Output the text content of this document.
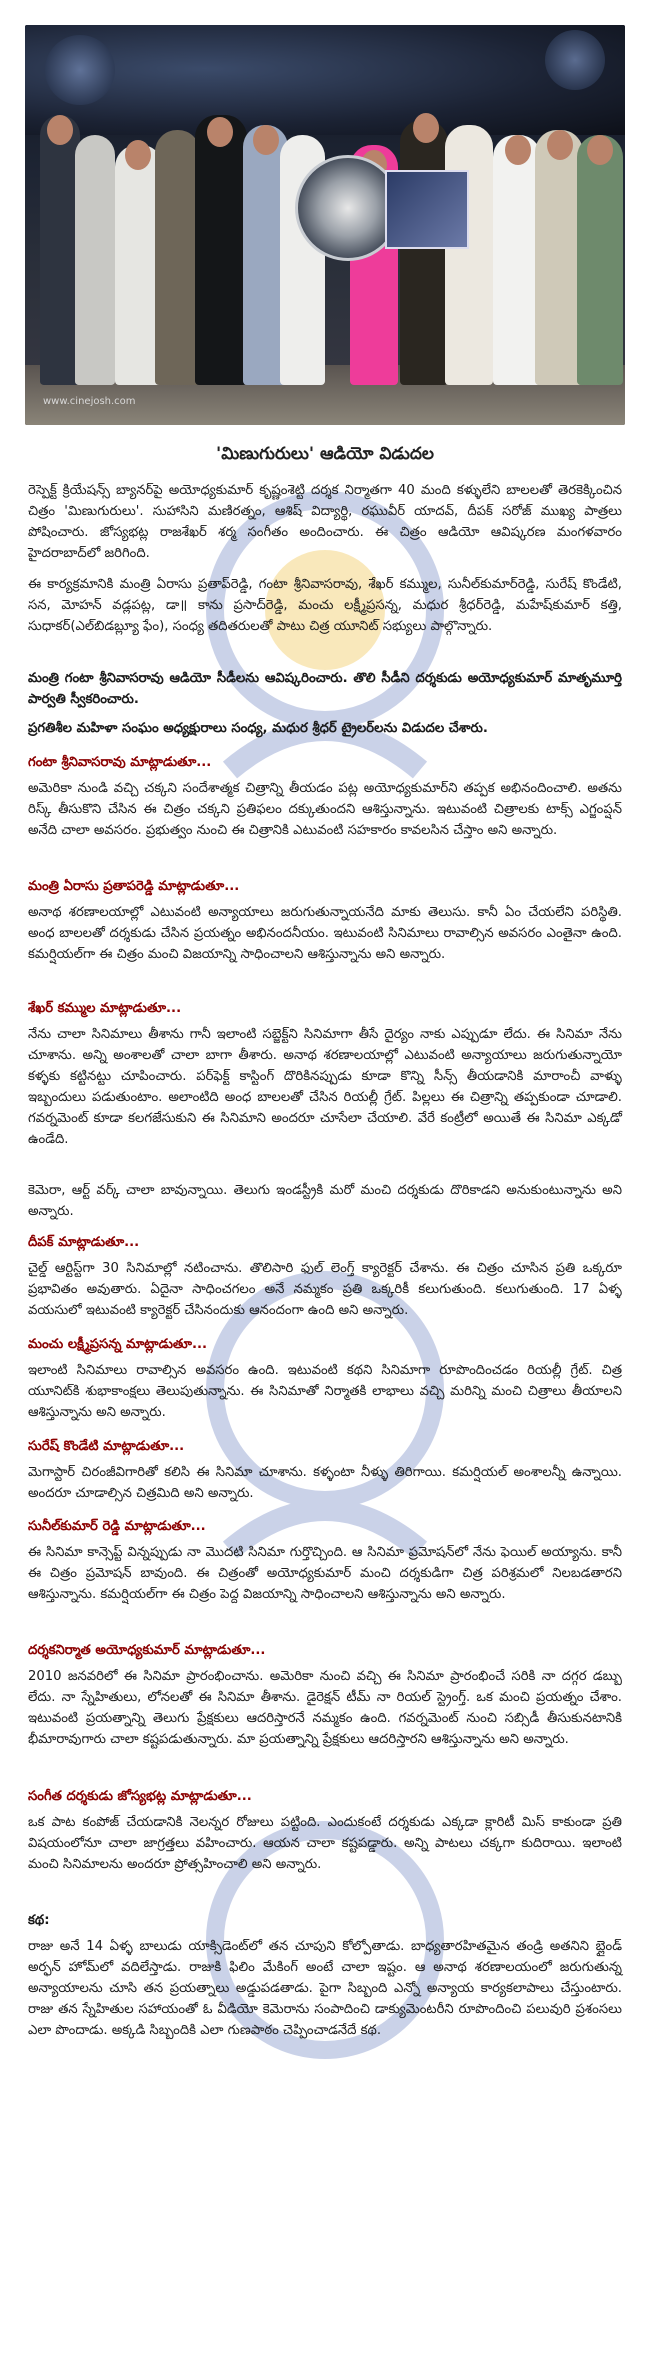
www.cinejosh.com
'మిణుగురులు' ఆడియో విడుదల
రెస్పెక్ట్ క్రియేషన్స్ బ్యానర్‌పై అయోధ్యకుమార్ కృష్ణంశెట్టి దర్శక నిర్మాతగా 40 మంది కళ్ళులేని బాలలతో తెరకెక్కించిన చిత్రం 'మిణుగురులు'. సుహాసిని మణిరత్నం, ఆశిష్ విద్యార్థి, రఘువీర్ యాదవ్, దీపక్ సరోజ్ ముఖ్య పాత్రలు పోషించారు. జోస్యభట్ల రాజశేఖర్ శర్మ సంగీతం అందించారు. ఈ చిత్రం ఆడియో ఆవిష్కరణ మంగళవారం హైదరాబాద్‌లో జరిగింది.
ఈ కార్యక్రమానికి మంత్రి ఏరాసు ప్రతాప్‌రెడ్డి, గంటా శ్రీనివాసరావు, శేఖర్ కమ్ముల, సునీల్‌కుమార్‌రెడ్డి, సురేష్ కొండేటి, సన, మోహన్ వడ్లపట్ల, డా॥ కాను ప్రసాద్‌రెడ్డి, మంచు లక్ష్మీప్రసన్న, మధుర శ్రీధర్‌రెడ్డి, మహేష్‌కుమార్ కత్తి, సుధాకర్(ఎల్‌బిడబ్ల్యూ ఫేం), సంధ్య తదితరులతో పాటు చిత్ర యూనిట్ సభ్యులు పాల్గొన్నారు.
మంత్రి గంటా శ్రీనివాసరావు ఆడియో సీడీలను ఆవిష్కరించారు. తొలి సీడీని దర్శకుడు అయోధ్యకుమార్ మాతృమూర్తి పార్వతి స్వీకరించారు.
ప్రగతిశీల మహిళా సంఘం అధ్యక్షురాలు సంధ్య, మధుర శ్రీధర్ ట్రైలర్‌లను విడుదల చేశారు.
గంటా శ్రీనివాసరావు మాట్లాడుతూ...
అమెరికా నుండి వచ్చి చక్కని సందేశాత్మక చిత్రాన్ని తీయడం పట్ల అయోధ్యకుమార్‌ని తప్పక అభినందించాలి. అతను రిస్క్ తీసుకొని చేసిన ఈ చిత్రం చక్కని ప్రతిఫలం దక్కుతుందని ఆశిస్తున్నాను. ఇటువంటి చిత్రాలకు టాక్స్ ఎగ్జంప్షన్ అనేది చాలా అవసరం. ప్రభుత్వం నుంచి ఈ చిత్రానికి ఎటువంటి సహకారం కావలసిన చేస్తాం అని అన్నారు.
మంత్రి ఏరాసు ప్రతాపరెడ్డి మాట్లాడుతూ...
అనాథ శరణాలయాల్లో ఎటువంటి అన్యాయాలు జరుగుతున్నాయనేది మాకు తెలుసు. కానీ ఏం చేయలేని పరిస్థితి. అంధ బాలలతో దర్శకుడు చేసిన ప్రయత్నం అభినందనీయం. ఇటువంటి సినిమాలు రావాల్సిన అవసరం ఎంతైనా ఉంది. కమర్షియల్‌గా ఈ చిత్రం మంచి విజయాన్ని సాధించాలని ఆశిస్తున్నాను అని అన్నారు.
శేఖర్ కమ్ముల మాట్లాడుతూ...
నేను చాలా సినిమాలు తీశాను గానీ ఇలాంటి సబ్జెక్ట్‌ని సినిమాగా తీసే దైర్యం నాకు ఎప్పుడూ లేదు. ఈ సినిమా నేను చూశాను. అన్ని అంశాలతో చాలా బాగా తీశారు. అనాథ శరణాలయాల్లో ఎటువంటి అన్యాయాలు జరుగుతున్నాయో కళ్ళకు కట్టినట్టు చూపించారు. పర్‌ఫెక్ట్ కాస్టింగ్ దొరికినప్పుడు కూడా కొన్ని సీన్స్ తీయడానికి మారాంచీ వాళ్ళు ఇబ్బందులు పడుతుంటాం. అలాంటిది అంధ బాలలతో చేసిన రియల్లీ గ్రేట్. పిల్లలు ఈ చిత్రాన్ని తప్పకుండా చూడాలి. గవర్నమెంట్ కూడా కలగజేసుకుని ఈ సినిమాని అందరూ చూసేలా చేయాలి. వేరే కంట్రీలో అయితే ఈ సినిమా ఎక్కడో ఉండేది.
కెమెరా, ఆర్ట్ వర్క్ చాలా బావున్నాయి. తెలుగు ఇండస్ట్రీకి మరో మంచి దర్శకుడు దొరికాడని అనుకుంటున్నాను అని అన్నారు.
దీపక్ మాట్లాడుతూ...
చైల్డ్ ఆర్టిస్ట్‌గా 30 సినిమాల్లో నటించాను. తొలిసారి ఫుల్ లెంగ్త్ క్యారెక్టర్ చేశాను. ఈ చిత్రం చూసిన ప్రతి ఒక్కరూ ప్రభావితం అవుతారు. ఏదైనా సాధించగలం అనే నమ్మకం ప్రతి ఒక్కరికీ కలుగుతుంది. కలుగుతుంది. 17 ఏళ్ళ వయసులో ఇటువంటి క్యారెక్టర్ చేసినందుకు ఆనందంగా ఉంది అని అన్నారు.
మంచు లక్ష్మీప్రసన్న మాట్లాడుతూ...
ఇలాంటి సినిమాలు రావాల్సిన అవసరం ఉంది. ఇటువంటి కథని సినిమాగా రూపొందించడం రియల్లీ గ్రేట్. చిత్ర యూనిట్‌కి శుభాకాంక్షలు తెలుపుతున్నాను. ఈ సినిమాతో నిర్మాతకి లాభాలు వచ్చి మరిన్ని మంచి చిత్రాలు తీయాలని ఆశిస్తున్నాను అని అన్నారు.
సురేష్ కొండేటి మాట్లాడుతూ...
మెగాస్టార్ చిరంజీవిగారితో కలిసి ఈ సినిమా చూశాను. కళ్ళంటా నీళ్ళు తిరిగాయి. కమర్షియల్ అంశాలన్నీ ఉన్నాయి. అందరూ చూడాల్సిన చిత్రమిది అని అన్నారు.
సునీల్‌కుమార్ రెడ్డి మాట్లాడుతూ...
ఈ సినిమా కాన్సెప్ట్ విన్నప్పుడు నా మొదటి సినిమా గుర్తొచ్చింది. ఆ సినిమా ప్రమోషన్‌లో నేను ఫెయిల్ అయ్యాను. కానీ ఈ చిత్రం ప్రమోషన్ బావుంది. ఈ చిత్రంతో అయోధ్యకుమార్ మంచి దర్శకుడిగా చిత్ర పరిశ్రమలో నిలబడతారని ఆశిస్తున్నాను. కమర్షియల్‌గా ఈ చిత్రం పెద్ద విజయాన్ని సాధించాలని ఆశిస్తున్నాను అని అన్నారు.
దర్శకనిర్మాత అయోధ్యకుమార్ మాట్లాడుతూ...
2010 జనవరిలో ఈ సినిమా ప్రారంభించాను. అమెరికా నుంచి వచ్చి ఈ సినిమా ప్రారంభించే సరికి నా దగ్గర డబ్బు లేదు. నా స్నేహితులు, లోనలతో ఈ సినిమా తీశాను. డైరెక్షన్ టీమ్ నా రియల్ స్ట్రెంగ్త్. ఒక మంచి ప్రయత్నం చేశాం. ఇటువంటి ప్రయత్నాన్ని తెలుగు ప్రేక్షకులు ఆదరిస్తారనే నమ్మకం ఉంది. గవర్నమెంట్ నుంచి సబ్సిడీ తీసుకునటానికి భీమారావుగారు చాలా కష్టపడుతున్నారు. మా ప్రయత్నాన్ని ప్రేక్షకులు ఆదరిస్తారని ఆశిస్తున్నాను అని అన్నారు.
సంగీత దర్శకుడు జోస్యభట్ల మాట్లాడుతూ...
ఒక పాట కంపోజ్ చేయడానికి నెలన్నర రోజులు పట్టింది. ఎందుకంటే దర్శకుడు ఎక్కడా క్లారిటీ మిస్ కాకుండా ప్రతి విషయంలోనూ చాలా జాగ్రత్తలు వహించారు. ఆయన చాలా కష్టపడ్డారు. అన్ని పాటలు చక్కగా కుదిరాయి. ఇలాంటి మంచి సినిమాలను అందరూ ప్రోత్సహించాలి అని అన్నారు.
కథ:
రాజు అనే 14 ఏళ్ళ బాలుడు యాక్సిడెంట్‌లో తన చూపుని కోల్పోతాడు. బాధ్యతారహితమైన తండ్రి అతనిని బ్లైండ్ అర్ఫన్ హోమ్‌లో వదిలేస్తాడు. రాజుకి ఫిలిం మేకింగ్ అంటే చాలా ఇష్టం. ఆ అనాథ శరణాలయంలో జరుగుతున్న అన్యాయాలను చూసి తన ప్రయత్నాలు అడ్డుపడతాడు. పైగా సిబ్బంది ఎన్నో అన్యాయ కార్యకలాపాలు చేస్తుంటారు. రాజు తన స్నేహితుల సహాయంతో ఓ వీడియో కెమెరాను సంపాదించి డాక్యుమెంటరీని రూపొందించి పలువురి ప్రశంసలు ఎలా పొందాడు. అక్కడి సిబ్బందికి ఎలా గుణపాఠం చెప్పించాడనేదే కథ.
